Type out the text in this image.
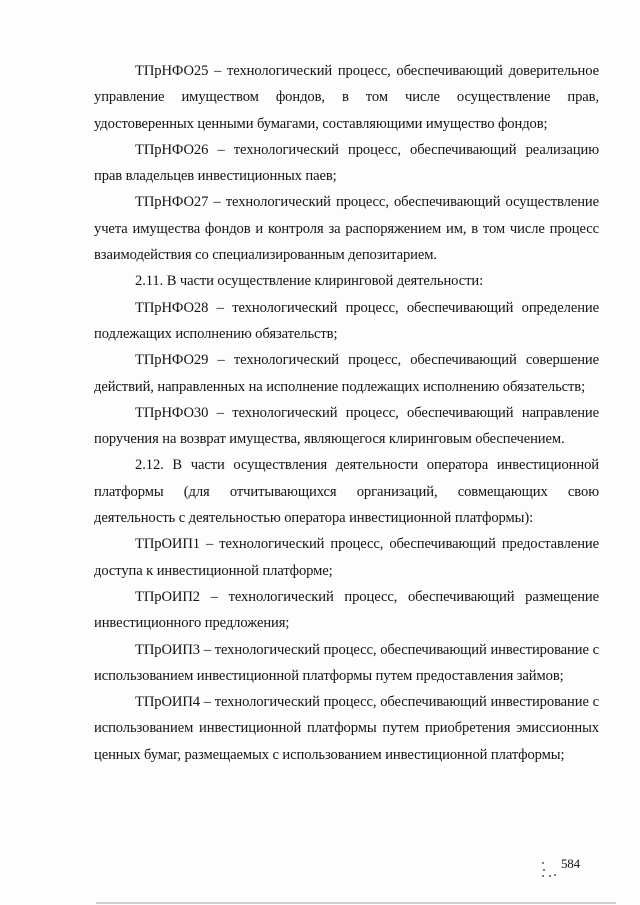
ТПрНФО25 – технологический процесс, обеспечивающий доверительное управление имуществом фондов, в том числе осуществление прав, удостоверенных ценными бумагами, составляющими имущество фондов;

ТПрНФО26 – технологический процесс, обеспечивающий реализацию прав владельцев инвестиционных паев;

ТПрНФО27 – технологический процесс, обеспечивающий осуществление учета имущества фондов и контроля за распоряжением им, в том числе процесс взаимодействия со специализированным депозитарием.

2.11. В части осуществление клиринговой деятельности:

ТПрНФО28 – технологический процесс, обеспечивающий определение подлежащих исполнению обязательств;

ТПрНФО29 – технологический процесс, обеспечивающий совершение действий, направленных на исполнение подлежащих исполнению обязательств;

ТПрНФО30 – технологический процесс, обеспечивающий направление поручения на возврат имущества, являющегося клиринговым обеспечением.

2.12. В части осуществления деятельности оператора инвестиционной платформы (для отчитывающихся организаций, совмещающих свою деятельность с деятельностью оператора инвестиционной платформы):

ТПрОИП1 – технологический процесс, обеспечивающий предоставление доступа к инвестиционной платформе;

ТПрОИП2 – технологический процесс, обеспечивающий размещение инвестиционного предложения;

ТПрОИП3 – технологический процесс, обеспечивающий инвестирование с использованием инвестиционной платформы путем предоставления займов;

ТПрОИП4 – технологический процесс, обеспечивающий инвестирование с использованием инвестиционной платформы путем приобретения эмиссионных ценных бумаг, размещаемых с использованием инвестиционной платформы;

584
